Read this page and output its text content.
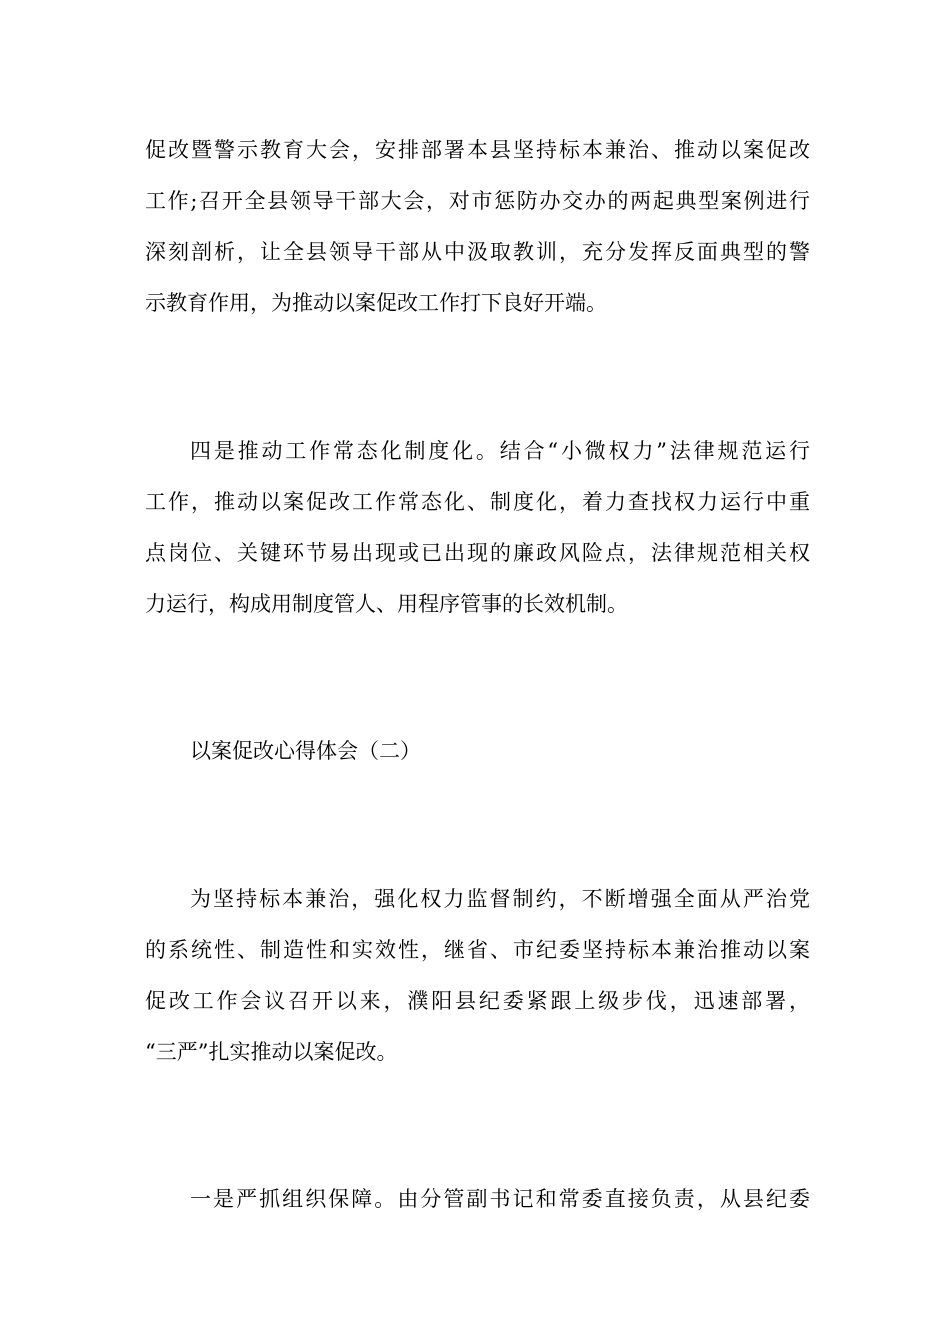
促改暨警示教育大会，安排部署本县坚持标本兼治、推动以案促改
工作;召开全县领导干部大会，对市惩防办交办的两起典型案例进行
深刻剖析，让全县领导干部从中汲取教训，充分发挥反面典型的警
示教育作用，为推动以案促改工作打下良好开端。
四是推动工作常态化制度化。结合“小微权力”法律规范运行
工作，推动以案促改工作常态化、制度化，着力查找权力运行中重
点岗位、关键环节易出现或已出现的廉政风险点，法律规范相关权
力运行，构成用制度管人、用程序管事的长效机制。
以案促改心得体会（二）
为坚持标本兼治，强化权力监督制约，不断增强全面从严治党
的系统性、制造性和实效性，继省、市纪委坚持标本兼治推动以案
促改工作会议召开以来，濮阳县纪委紧跟上级步伐，迅速部署，
“三严”扎实推动以案促改。
一是严抓组织保障。由分管副书记和常委直接负责，从县纪委
